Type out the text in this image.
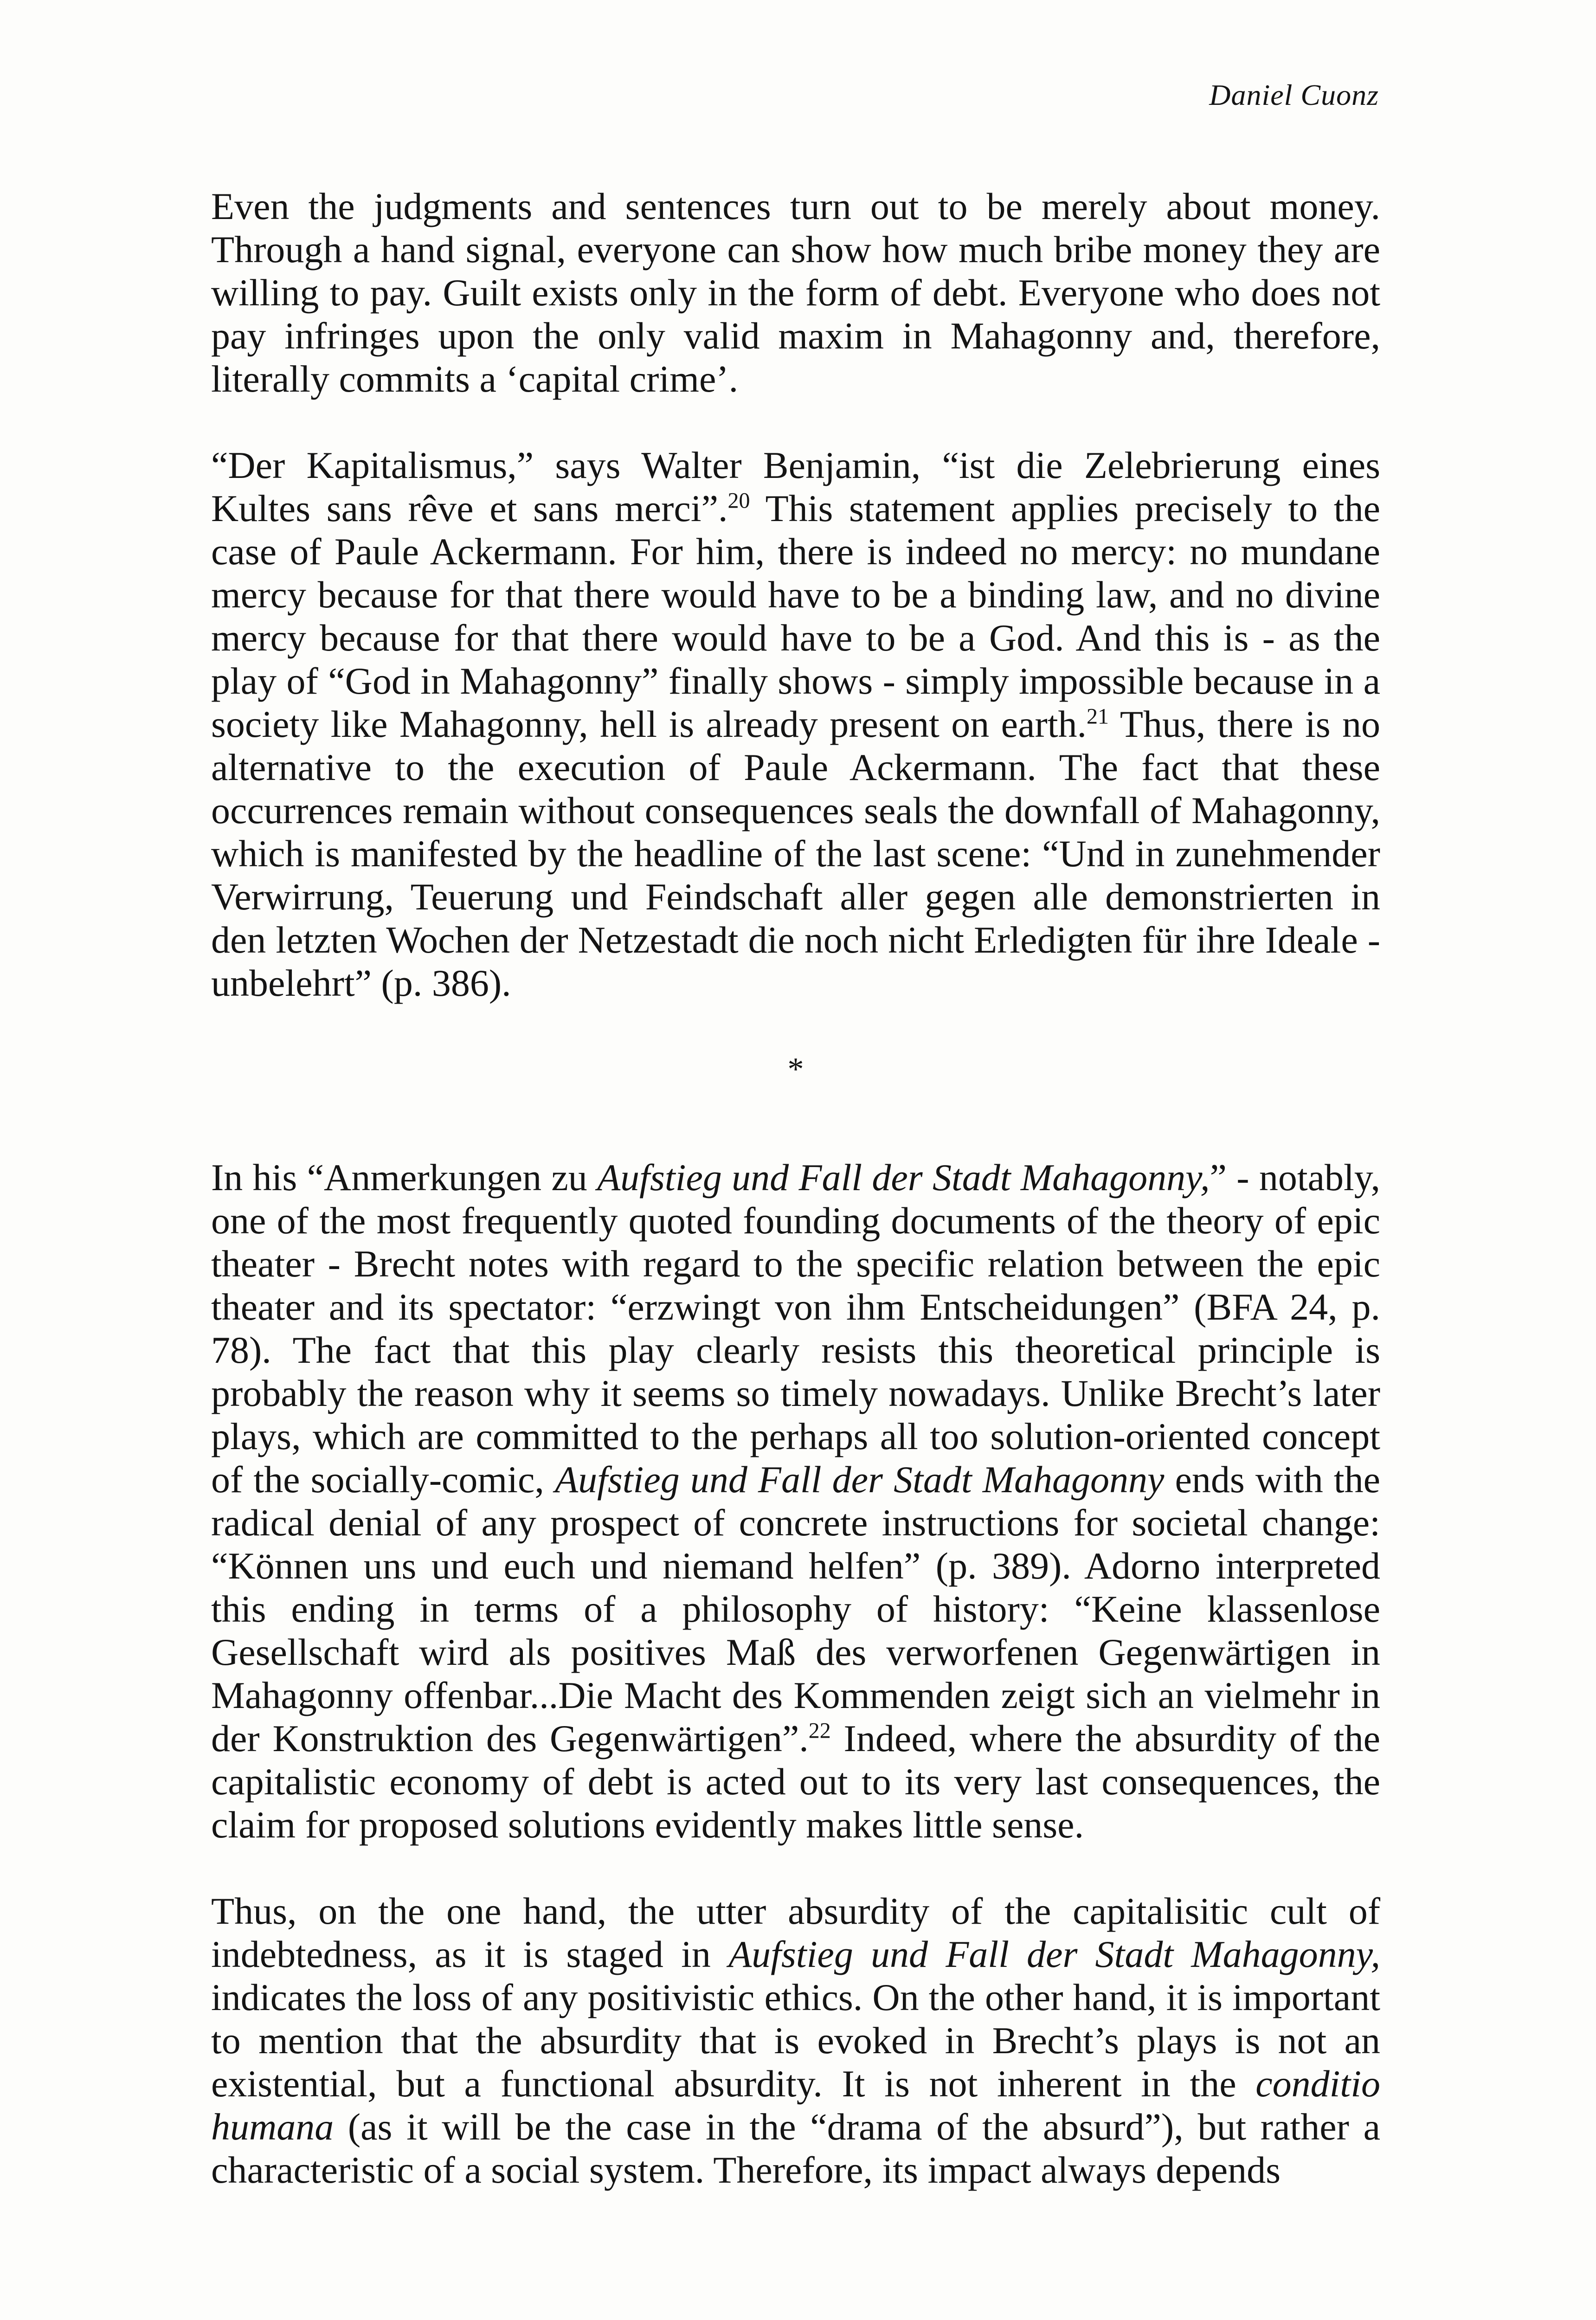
Daniel Cuonz

Even the judgments and sentences turn out to be merely about money. Through a hand signal, everyone can show how much bribe money they are willing to pay. Guilt exists only in the form of debt. Everyone who does not pay infringes upon the only valid maxim in Mahagonny and, therefore, literally commits a ‘capital crime’.

“Der Kapitalismus,” says Walter Benjamin, “ist die Zelebrierung eines Kultes sans rêve et sans merci”.$^{20}$ This statement applies precisely to the case of Paule Ackermann. For him, there is indeed no mercy: no mundane mercy because for that there would have to be a binding law, and no divine mercy because for that there would have to be a God. And this is - as the play of “God in Mahagonny” finally shows - simply impossible because in a society like Mahagonny, hell is already present on earth.$^{21}$ Thus, there is no alternative to the execution of Paule Ackermann. The fact that these occurrences remain without consequences seals the downfall of Mahagonny, which is manifested by the headline of the last scene: “Und in zunehmender Verwirrung, Teuerung und Feindschaft aller gegen alle demonstrierten in den letzten Wochen der Netzestadt die noch nicht Erledigten für ihre Ideale - unbelehrt” (p. 386).

*

In his “Anmerkungen zu Aufstieg und Fall der Stadt Mahagonny,” - notably, one of the most frequently quoted founding documents of the theory of epic theater - Brecht notes with regard to the specific relation between the epic theater and its spectator: “erzwingt von ihm Entscheidungen” (BFA 24, p. 78). The fact that this play clearly resists this theoretical principle is probably the reason why it seems so timely nowadays. Unlike Brecht’s later plays, which are committed to the perhaps all too solution-oriented concept of the socially-comic, Aufstieg und Fall der Stadt Mahagonny ends with the radical denial of any prospect of concrete instructions for societal change: “Können uns und euch und niemand helfen” (p. 389). Adorno interpreted this ending in terms of a philosophy of history: “Keine klassenlose Gesellschaft wird als positives Maß des verworfenen Gegenwärtigen in Mahagonny offenbar...Die Macht des Kommenden zeigt sich an vielmehr in der Konstruktion des Gegenwärtigen”.$^{22}$ Indeed, where the absurdity of the capitalistic economy of debt is acted out to its very last consequences, the claim for proposed solutions evidently makes little sense.

Thus, on the one hand, the utter absurdity of the capitalisitic cult of indebtedness, as it is staged in Aufstieg und Fall der Stadt Mahagonny, indicates the loss of any positivistic ethics. On the other hand, it is important to mention that the absurdity that is evoked in Brecht’s plays is not an existential, but a functional absurdity. It is not inherent in the conditio humana (as it will be the case in the “drama of the absurd”), but rather a characteristic of a social system. Therefore, its impact always depends
